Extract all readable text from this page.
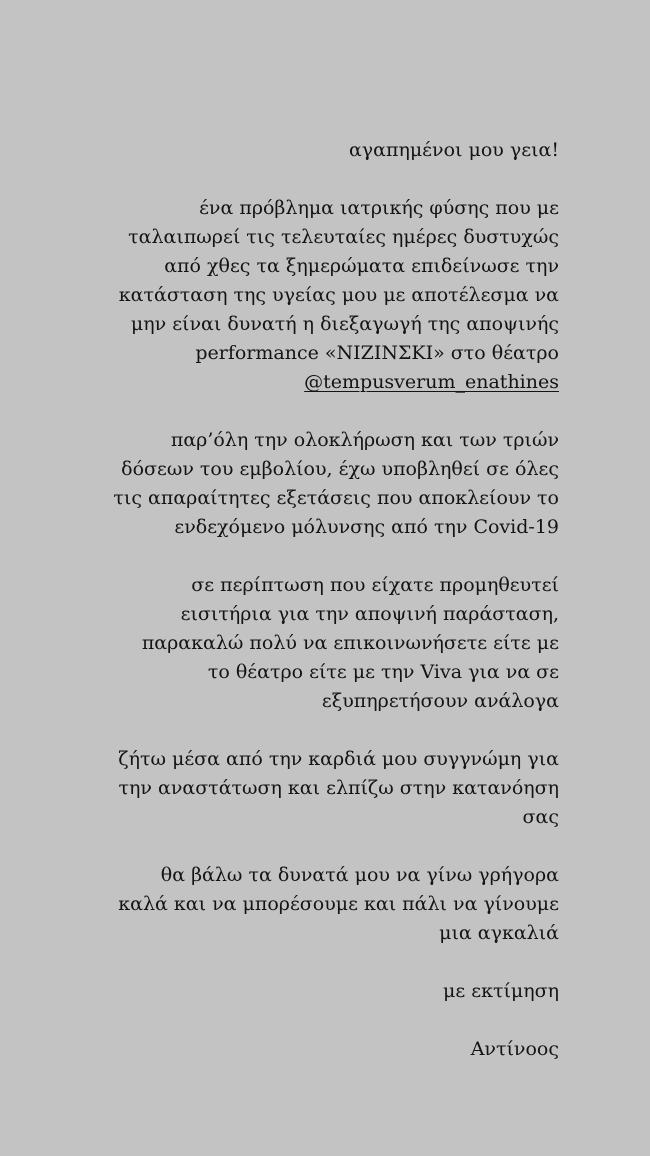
αγαπημένοι μου γεια!

ένα πρόβλημα ιατρικής φύσης που με
ταλαιπωρεί τις τελευταίες ημέρες δυστυχώς
από χθες τα ξημερώματα επιδείνωσε την
κατάσταση της υγείας μου με αποτέλεσμα να
μην είναι δυνατή η διεξαγωγή της αποψινής
performance «ΝΙΖΙΝΣΚΙ» στο θέατρο
@tempusverum_enathines

παρ’όλη την ολοκλήρωση και των τριών
δόσεων του εμβολίου, έχω υποβληθεί σε όλες
τις απαραίτητες εξετάσεις που αποκλείουν το
ενδεχόμενο μόλυνσης από την Covid-19

σε περίπτωση που είχατε προμηθευτεί
εισιτήρια για την αποψινή παράσταση,
παρακαλώ πολύ να επικοινωνήσετε είτε με
το θέατρο είτε με την Viva για να σε
εξυπηρετήσουν ανάλογα

ζήτω μέσα από την καρδιά μου συγγνώμη για
την αναστάτωση και ελπίζω στην κατανόηση
σας

θα βάλω τα δυνατά μου να γίνω γρήγορα
καλά και να μπορέσουμε και πάλι να γίνουμε
μια αγκαλιά

με εκτίμηση

Αντίνοος
